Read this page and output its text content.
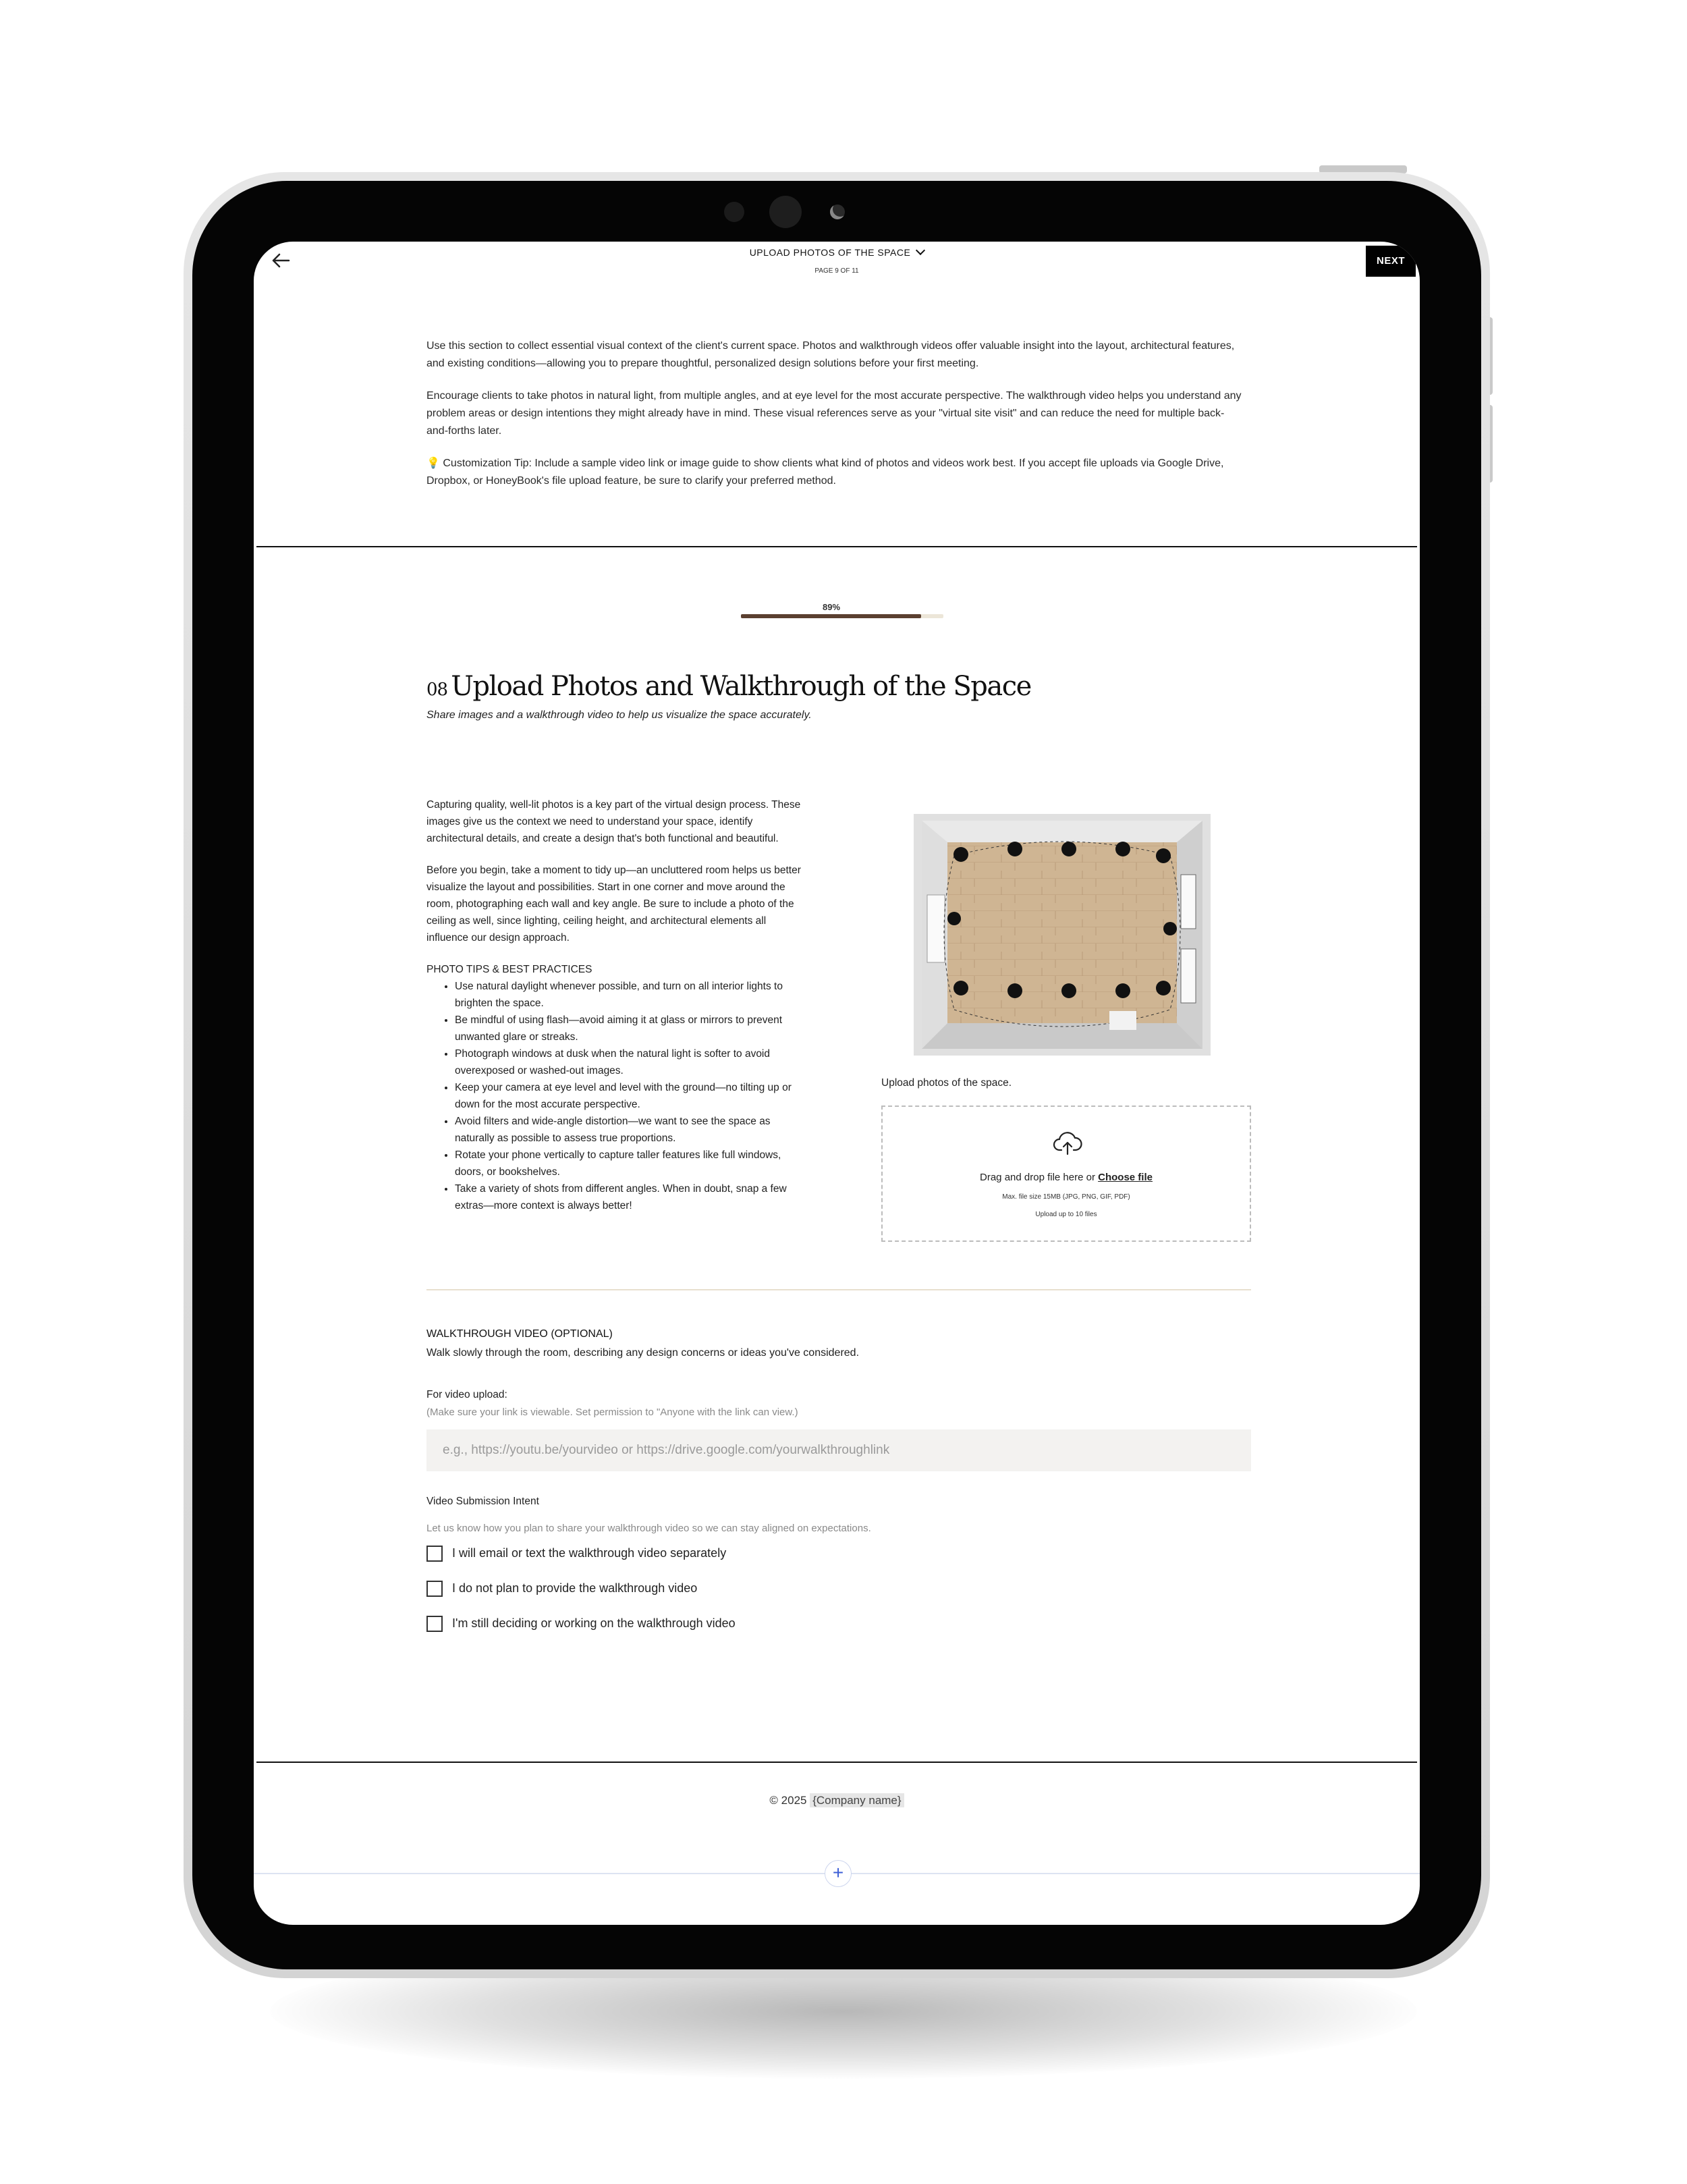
UPLOAD PHOTOS OF THE SPACE
PAGE 9 OF 11
NEXT

Use this section to collect essential visual context of the client's current space. Photos and walkthrough videos offer valuable insight into the layout, architectural features, and existing conditions—allowing you to prepare thoughtful, personalized design solutions before your first meeting.

Encourage clients to take photos in natural light, from multiple angles, and at eye level for the most accurate perspective. The walkthrough video helps you understand any problem areas or design intentions they might already have in mind. These visual references serve as your "virtual site visit" and can reduce the need for multiple back-and-forths later.

💡 Customization Tip: Include a sample video link or image guide to show clients what kind of photos and videos work best. If you accept file uploads via Google Drive, Dropbox, or HoneyBook's file upload feature, be sure to clarify your preferred method.

89%
08 Upload Photos and Walkthrough of the Space
Share images and a walkthrough video to help us visualize the space accurately.

Capturing quality, well-lit photos is a key part of the virtual design process. These images give us the context we need to understand your space, identify architectural details, and create a design that's both functional and beautiful.

Before you begin, take a moment to tidy up—an uncluttered room helps us better visualize the layout and possibilities. Start in one corner and move around the room, photographing each wall and key angle. Be sure to include a photo of the ceiling as well, since lighting, ceiling height, and architectural elements all influence our design approach.

PHOTO TIPS & BEST PRACTICES
• Use natural daylight whenever possible, and turn on all interior lights to brighten the space.
• Be mindful of using flash—avoid aiming it at glass or mirrors to prevent unwanted glare or streaks.
• Photograph windows at dusk when the natural light is softer to avoid overexposed or washed-out images.
• Keep your camera at eye level and level with the ground—no tilting up or down for the most accurate perspective.
• Avoid filters and wide-angle distortion—we want to see the space as naturally as possible to assess true proportions.
• Rotate your phone vertically to capture taller features like full windows, doors, or bookshelves.
• Take a variety of shots from different angles. When in doubt, snap a few extras—more context is always better!
Upload photos of the space.
Drag and drop file here or Choose file
Max. file size 15MB (JPG, PNG, GIF, PDF)
Upload up to 10 files
WALKTHROUGH VIDEO (OPTIONAL)
Walk slowly through the room, describing any design concerns or ideas you've considered.
For video upload:
(Make sure your link is viewable. Set permission to "Anyone with the link can view.)
e.g., https://youtu.be/yourvideo or https://drive.google.com/yourwalkthroughlink
Video Submission Intent
Let us know how you plan to share your walkthrough video so we can stay aligned on expectations.
I will email or text the walkthrough video separately
I do not plan to provide the walkthrough video
I'm still deciding or working on the walkthrough video
© 2025 {Company name}
+
